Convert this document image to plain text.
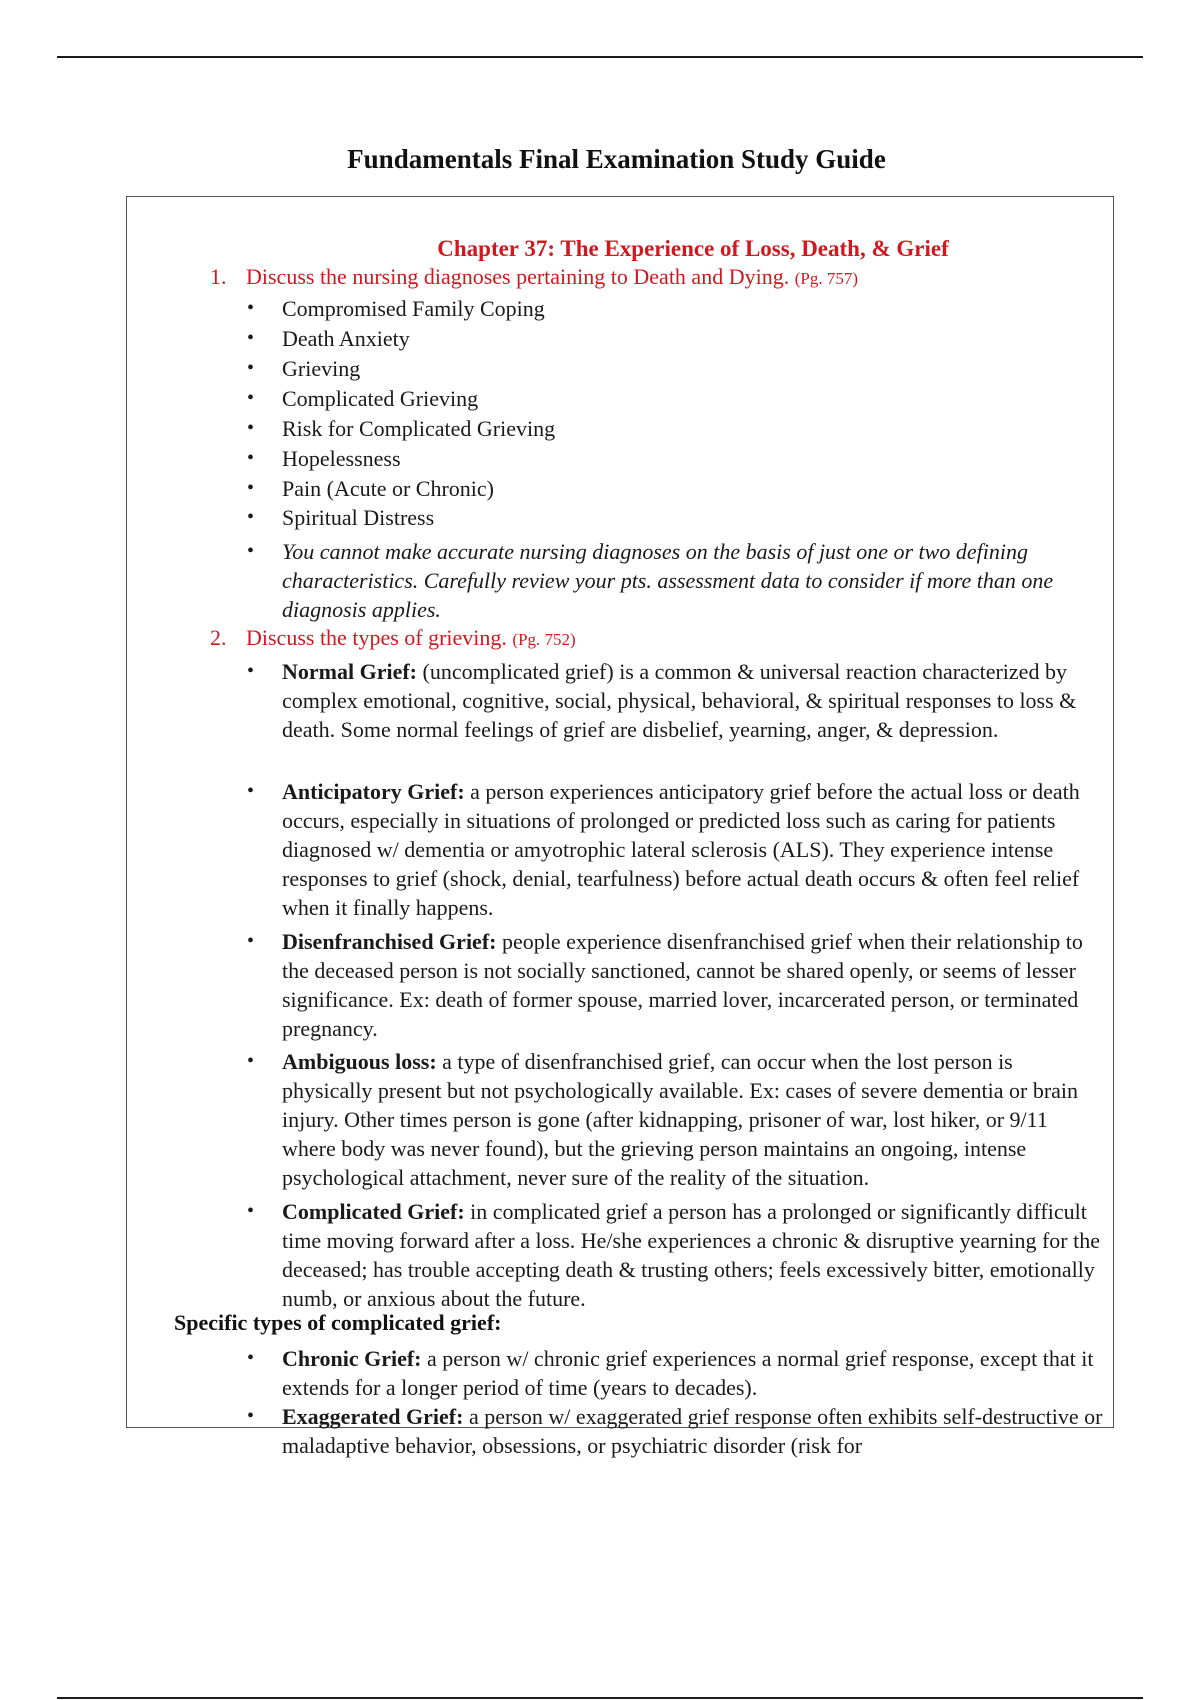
Fundamentals Final Examination Study Guide
Chapter 37: The Experience of Loss, Death, & Grief
1. Discuss the nursing diagnoses pertaining to Death and Dying. (Pg. 757)
•	Compromised Family Coping
•	Death Anxiety
•	Grieving
•	Complicated Grieving
•	Risk for Complicated Grieving
•	Hopelessness
•	Pain (Acute or Chronic)
•	Spiritual Distress
•	You cannot make accurate nursing diagnoses on the basis of just one or two defining characteristics. Carefully review your pts. assessment data to consider if more than one diagnosis applies.
2. Discuss the types of grieving. (Pg. 752)
•	Normal Grief: (uncomplicated grief) is a common & universal reaction characterized by complex emotional, cognitive, social, physical, behavioral, & spiritual responses to loss & death. Some normal feelings of grief are disbelief, yearning, anger, & depression.
•	Anticipatory Grief: a person experiences anticipatory grief before the actual loss or death occurs, especially in situations of prolonged or predicted loss such as caring for patients diagnosed w/ dementia or amyotrophic lateral sclerosis (ALS). They experience intense responses to grief (shock, denial, tearfulness) before actual death occurs & often feel relief when it finally happens.
•	Disenfranchised Grief: people experience disenfranchised grief when their relationship to the deceased person is not socially sanctioned, cannot be shared openly, or seems of lesser significance. Ex: death of former spouse, married lover, incarcerated person, or terminated pregnancy.
•	Ambiguous loss: a type of disenfranchised grief, can occur when the lost person is physically present but not psychologically available. Ex: cases of severe dementia or brain injury. Other times person is gone (after kidnapping, prisoner of war, lost hiker, or 9/11 where body was never found), but the grieving person maintains an ongoing, intense psychological attachment, never sure of the reality of the situation.
•	Complicated Grief: in complicated grief a person has a prolonged or significantly difficult time moving forward after a loss. He/she experiences a chronic & disruptive yearning for the deceased; has trouble accepting death & trusting others; feels excessively bitter, emotionally numb, or anxious about the future.
Specific types of complicated grief:
•	Chronic Grief: a person w/ chronic grief experiences a normal grief response, except that it extends for a longer period of time (years to decades).
•	Exaggerated Grief: a person w/ exaggerated grief response often exhibits self-destructive or maladaptive behavior, obsessions, or psychiatric disorder (risk for
